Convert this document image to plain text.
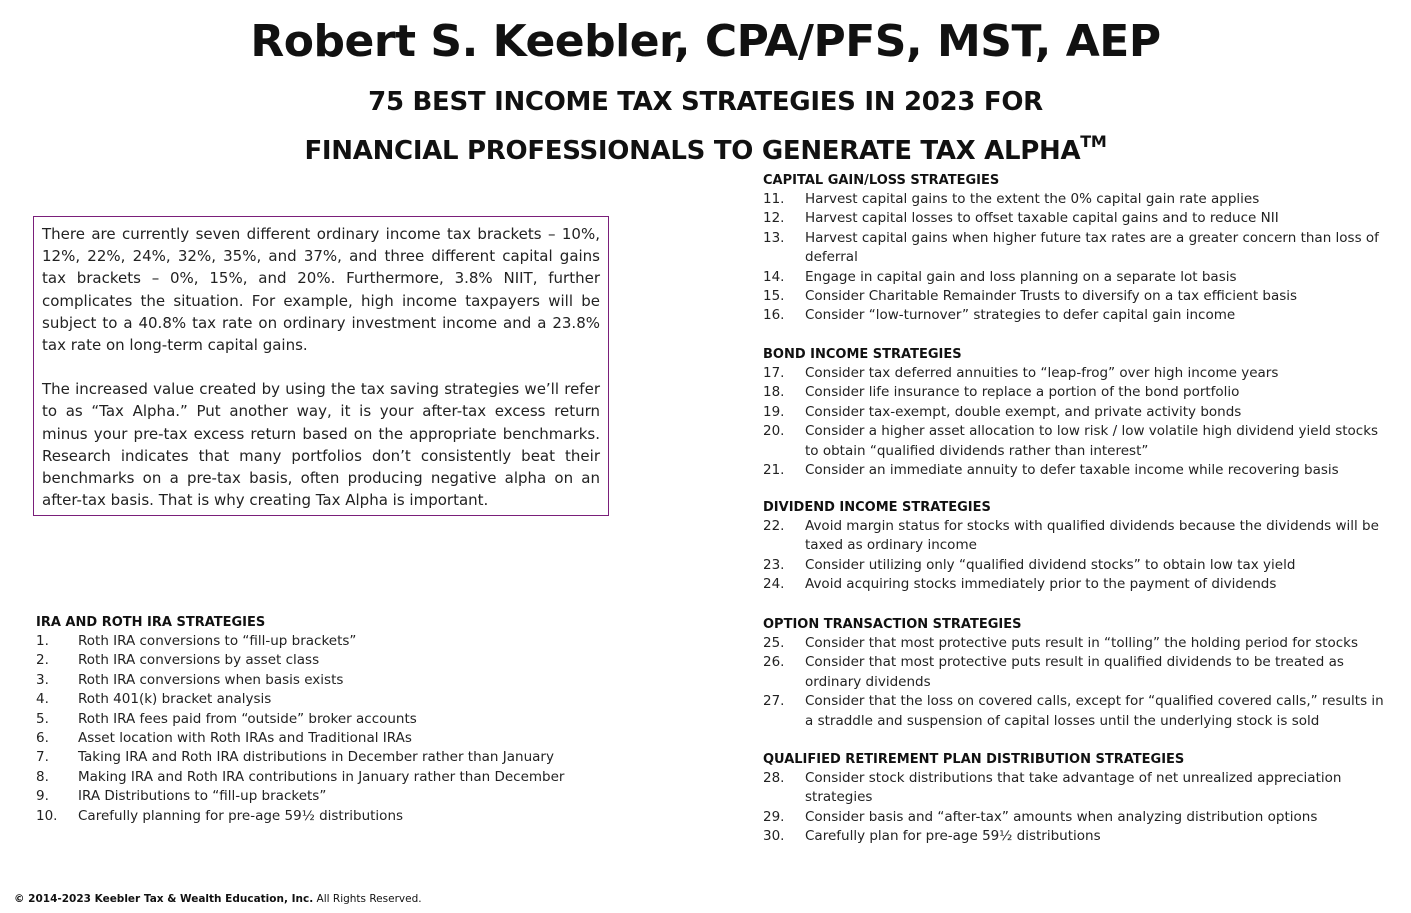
Robert S. Keebler, CPA/PFS, MST, AEP
75 BEST INCOME TAX STRATEGIES IN 2023 FOR
FINANCIAL PROFESSIONALS TO GENERATE TAX ALPHA™

There are currently seven different ordinary income tax brackets – 10%, 12%, 22%, 24%, 32%, 35%, and 37%, and three different capital gains tax brackets – 0%, 15%, and 20%. Furthermore, 3.8% NIIT, further complicates the situation. For example, high income taxpayers will be subject to a 40.8% tax rate on ordinary investment income and a 23.8% tax rate on long-term capital gains.

The increased value created by using the tax saving strategies we’ll refer to as “Tax Alpha.” Put another way, it is your after-tax excess return minus your pre-tax excess return based on the appropriate benchmarks. Research indicates that many portfolios don’t consistently beat their benchmarks on a pre-tax basis, often producing negative alpha on an after-tax basis. That is why creating Tax Alpha is important.

IRA AND ROTH IRA STRATEGIES
1. Roth IRA conversions to “fill-up brackets”
2. Roth IRA conversions by asset class
3. Roth IRA conversions when basis exists
4. Roth 401(k) bracket analysis
5. Roth IRA fees paid from “outside” broker accounts
6. Asset location with Roth IRAs and Traditional IRAs
7. Taking IRA and Roth IRA distributions in December rather than January
8. Making IRA and Roth IRA contributions in January rather than December
9. IRA Distributions to “fill-up brackets”
10. Carefully planning for pre-age 59½ distributions
CAPITAL GAIN/LOSS STRATEGIES
11. Harvest capital gains to the extent the 0% capital gain rate applies
12. Harvest capital losses to offset taxable capital gains and to reduce NII
13. Harvest capital gains when higher future tax rates are a greater concern than loss of deferral
14. Engage in capital gain and loss planning on a separate lot basis
15. Consider Charitable Remainder Trusts to diversify on a tax efficient basis
16. Consider “low-turnover” strategies to defer capital gain income
BOND INCOME STRATEGIES
17. Consider tax deferred annuities to “leap-frog” over high income years
18. Consider life insurance to replace a portion of the bond portfolio
19. Consider tax-exempt, double exempt, and private activity bonds
20. Consider a higher asset allocation to low risk / low volatile high dividend yield stocks to obtain “qualified dividends rather than interest”
21. Consider an immediate annuity to defer taxable income while recovering basis
DIVIDEND INCOME STRATEGIES
22. Avoid margin status for stocks with qualified dividends because the dividends will be taxed as ordinary income
23. Consider utilizing only “qualified dividend stocks” to obtain low tax yield
24. Avoid acquiring stocks immediately prior to the payment of dividends
OPTION TRANSACTION STRATEGIES
25. Consider that most protective puts result in “tolling” the holding period for stocks
26. Consider that most protective puts result in qualified dividends to be treated as ordinary dividends
27. Consider that the loss on covered calls, except for “qualified covered calls,” results in a straddle and suspension of capital losses until the underlying stock is sold
QUALIFIED RETIREMENT PLAN DISTRIBUTION STRATEGIES
28. Consider stock distributions that take advantage of net unrealized appreciation strategies
29. Consider basis and “after-tax” amounts when analyzing distribution options
30. Carefully plan for pre-age 59½ distributions
© 2014-2023 Keebler Tax & Wealth Education, Inc. All Rights Reserved.
